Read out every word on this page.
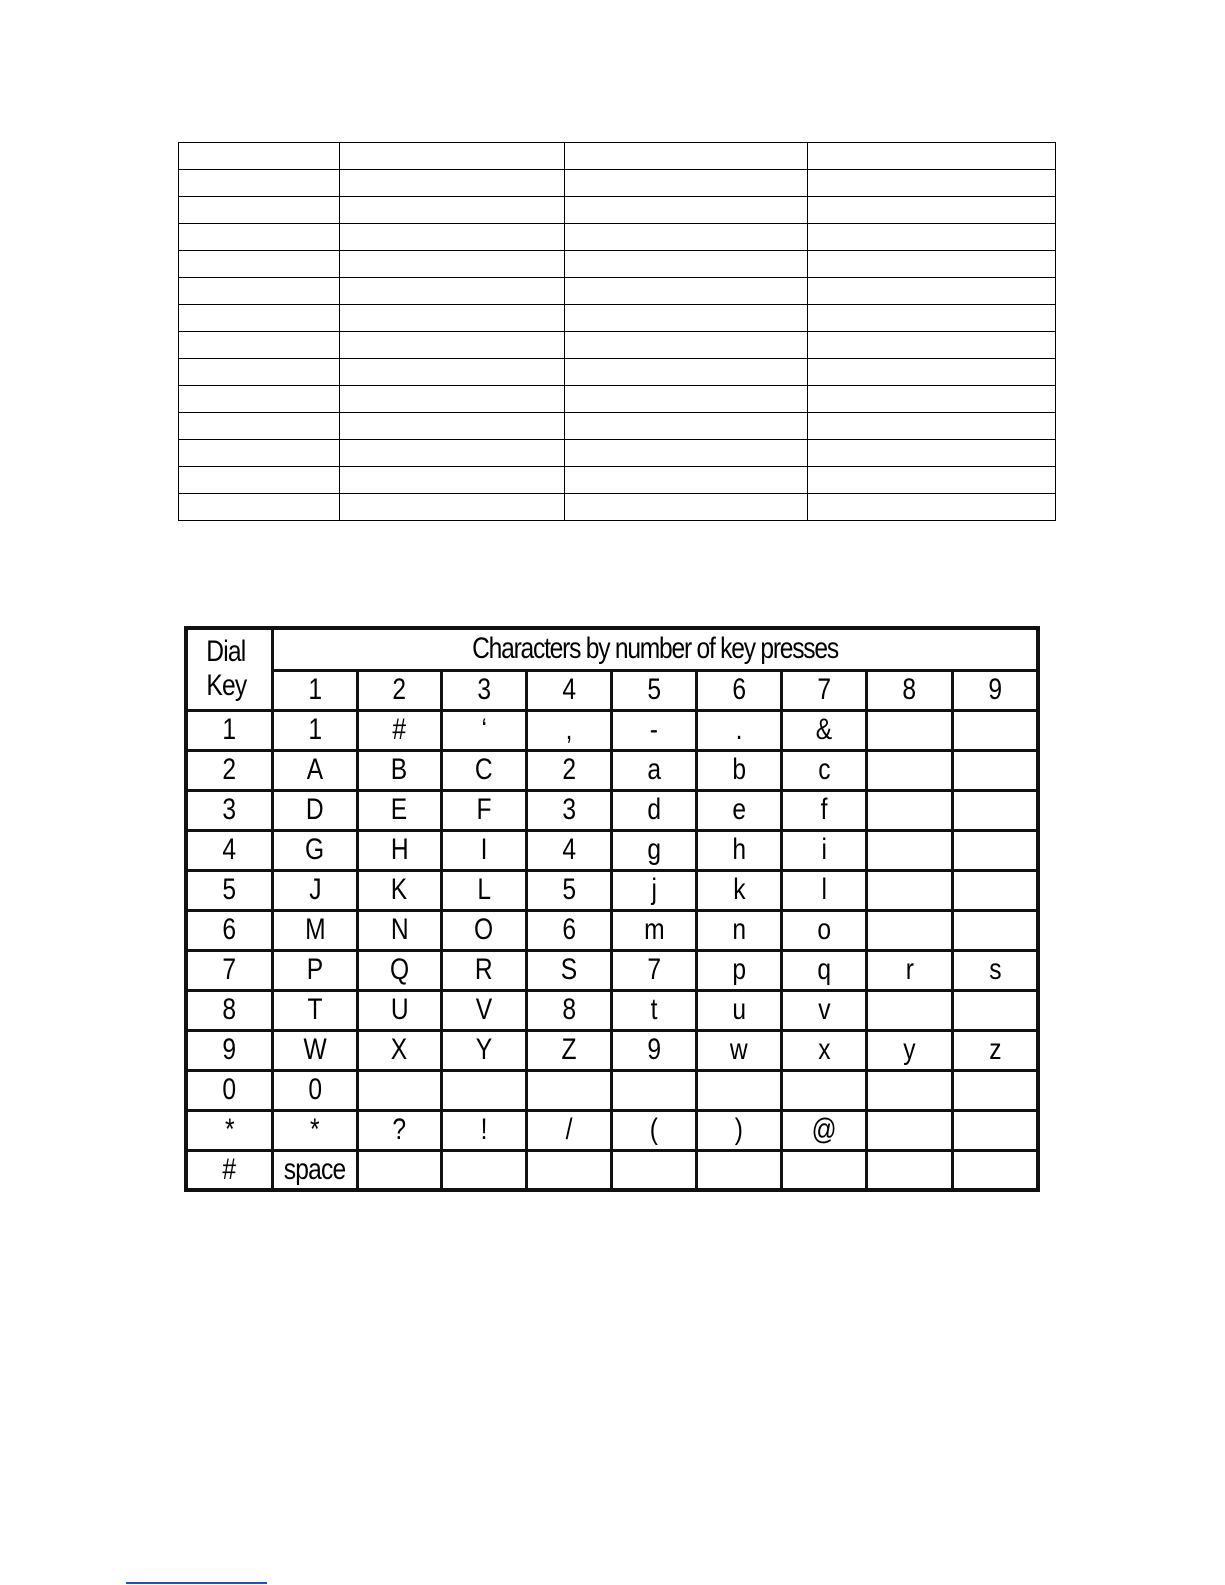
Dial
Key	Characters by number of key presses								
	1	2	3	4	5	6	7	8	9
1	1	#	‘	,	-	.	&		
2	A	B	C	2	a	b	c		
3	D	E	F	3	d	e	f		
4	G	H	I	4	g	h	i		
5	J	K	L	5	j	k	l		
6	M	N	O	6	m	n	o		
7	P	Q	R	S	7	p	q	r	s
8	T	U	V	8	t	u	v		
9	W	X	Y	Z	9	w	x	y	z
0	0								
*	*	?	!	/	(	)	@		
#	space								
